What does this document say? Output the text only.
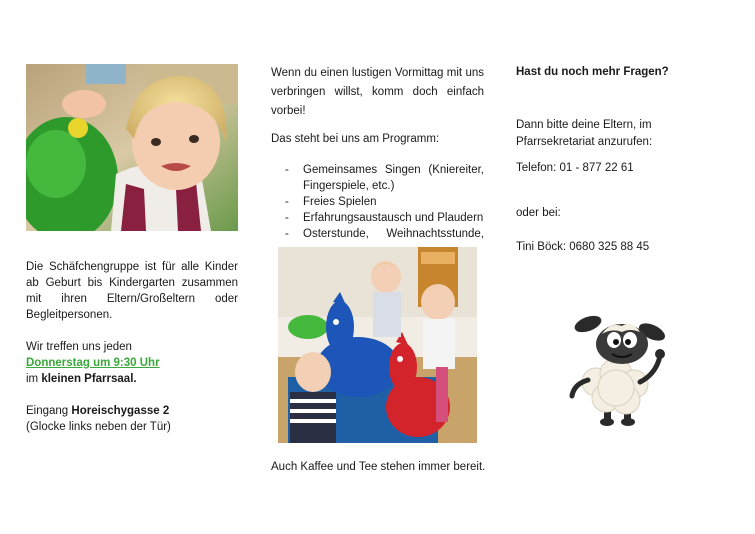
Die Schäfchengruppe ist für alle Kinder ab Geburt bis Kindergarten zusammen mit ihren Eltern/Großeltern oder Begleitpersonen.

Wir treffen uns jeden
Donnerstag um 9:30 Uhr
im kleinen Pfarrsaal.

Eingang Horeischygasse 2
(Glocke links neben der Tür)

Wenn du einen lustigen Vormittag mit uns verbringen willst, komm doch einfach vorbei!

Das steht bei uns am Programm:

- Gemeinsames Singen (Kniereiter, Fingerspiele, etc.)
- Freies Spielen
- Erfahrungsaustausch und Plaudern
- Osterstunde, Weihnachtsstunde,

Auch Kaffee und Tee stehen immer bereit.

Hast du noch mehr Fragen?

Dann bitte deine Eltern, im Pfarrsekretariat anzurufen:

Telefon: 01 - 877 22 61

oder bei:

Tini Böck: 0680 325 88 45
